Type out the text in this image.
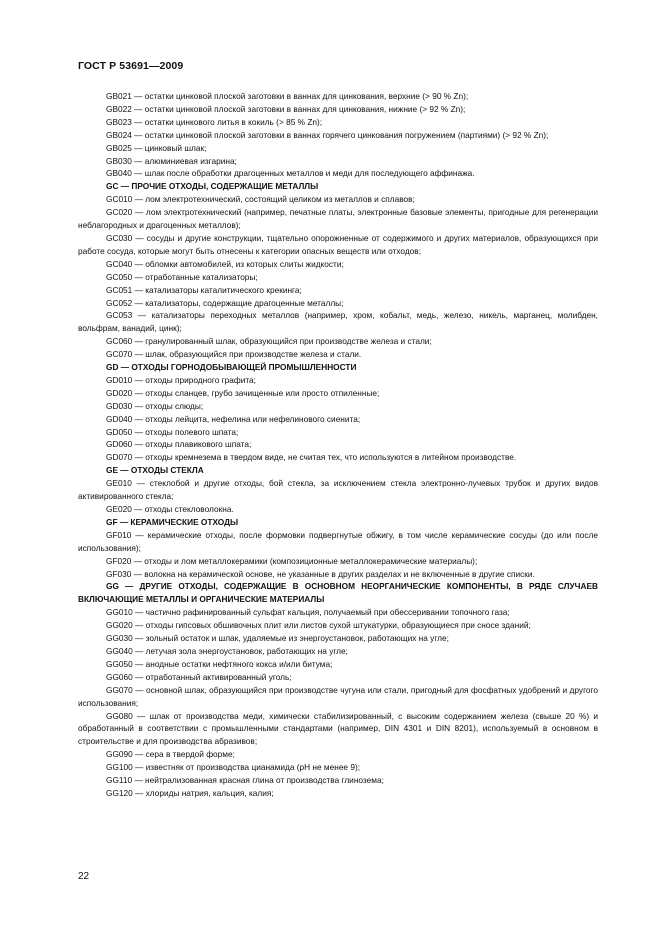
ГОСТ Р 53691—2009

GB021 — остатки цинковой плоской заготовки в ваннах для цинкования, верхние (> 90 % Zn);

GB022 — остатки цинковой плоской заготовки в ваннах для цинкования, нижние (> 92 % Zn);

GB023 — остатки цинкового литья в кокиль (> 85 % Zn);

GB024 — остатки цинковой плоской заготовки в ваннах горячего цинкования погружением (партиями) (> 92 % Zn);

GB025 — цинковый шлак;

GB030 — алюминиевая изгарина;

GB040 — шлак после обработки драгоценных металлов и меди для последующего аффинажа.

GC — ПРОЧИЕ ОТХОДЫ, СОДЕРЖАЩИЕ МЕТАЛЛЫ

GC010 — лом электротехнический, состоящий целиком из металлов и сплавов;

GC020 — лом электротехнический (например, печатные платы, электронные базовые элементы, пригодные для регенерации неблагородных и драгоценных металлов);

GC030 — сосуды и другие конструкции, тщательно опорожненные от содержимого и других материалов, образующихся при работе сосуда, которые могут быть отнесены к категории опасных веществ или отходов;

GC040 — обломки автомобилей, из которых слиты жидкости;

GC050 — отработанные катализаторы;

GC051 — катализаторы каталитического крекинга;

GC052 — катализаторы, содержащие драгоценные металлы;

GC053 — катализаторы переходных металлов (например, хром, кобальт, медь, железо, никель, марганец, молибден, вольфрам, ванадий, цинк);

GC060 — гранулированный шлак, образующийся при производстве железа и стали;

GC070 — шлак, образующийся при производстве железа и стали.

GD — ОТХОДЫ ГОРНОДОБЫВАЮЩЕЙ ПРОМЫШЛЕННОСТИ

GD010 — отходы природного графита;

GD020 — отходы сланцев, грубо зачищенные или просто отпиленные;

GD030 — отходы слюды;

GD040 — отходы лейцита, нефелина или нефелинового сиенита;

GD050 — отходы полевого шпата;

GD060 — отходы плавикового шпата;

GD070 — отходы кремнезема в твердом виде, не считая тех, что используются в литейном производстве.

GE — ОТХОДЫ СТЕКЛА

GE010 — стеклобой и другие отходы, бой стекла, за исключением стекла электронно-лучевых трубок и других видов активированного стекла;

GE020 — отходы стекловолокна.

GF — КЕРАМИЧЕСКИЕ ОТХОДЫ

GF010 — керамические отходы, после формовки подвергнутые обжигу, в том числе керамические сосуды (до или после использования);

GF020 — отходы и лом металлокерамики (композиционные металлокерамические материалы);

GF030 — волокна на керамической основе, не указанные в других разделах и не включенные в другие списки.

GG — ДРУГИЕ ОТХОДЫ, СОДЕРЖАЩИЕ В ОСНОВНОМ НЕОРГАНИЧЕСКИЕ КОМПОНЕНТЫ, В РЯДЕ СЛУЧАЕВ ВКЛЮЧАЮЩИЕ МЕТАЛЛЫ И ОРГАНИЧЕСКИЕ МАТЕРИАЛЫ

GG010 — частично рафинированный сульфат кальция, получаемый при обессеривании топочного газа;

GG020 — отходы гипсовых обшивочных плит или листов сухой штукатурки, образующиеся при сносе зданий;

GG030 — зольный остаток и шлак, удаляемые из энергоустановок, работающих на угле;

GG040 — летучая зола энергоустановок, работающих на угле;

GG050 — анодные остатки нефтяного кокса и/или битума;

GG060 — отработанный активированный уголь;

GG070 — основной шлак, образующийся при производстве чугуна или стали, пригодный для фосфатных удобрений и другого использования;

GG080 — шлак от производства меди, химически стабилизированный, с высоким содержанием железа (свыше 20 %) и обработанный в соответствии с промышленными стандартами (например, DIN 4301 и DIN 8201), используемый в основном в строительстве и для производства абразивов;

GG090 — сера в твердой форме;

GG100 — известняк от производства цианамида (pH не менее 9);

GG110 — нейтрализованная красная глина от производства глинозема;

GG120 — хлориды натрия, кальция, калия;

22
